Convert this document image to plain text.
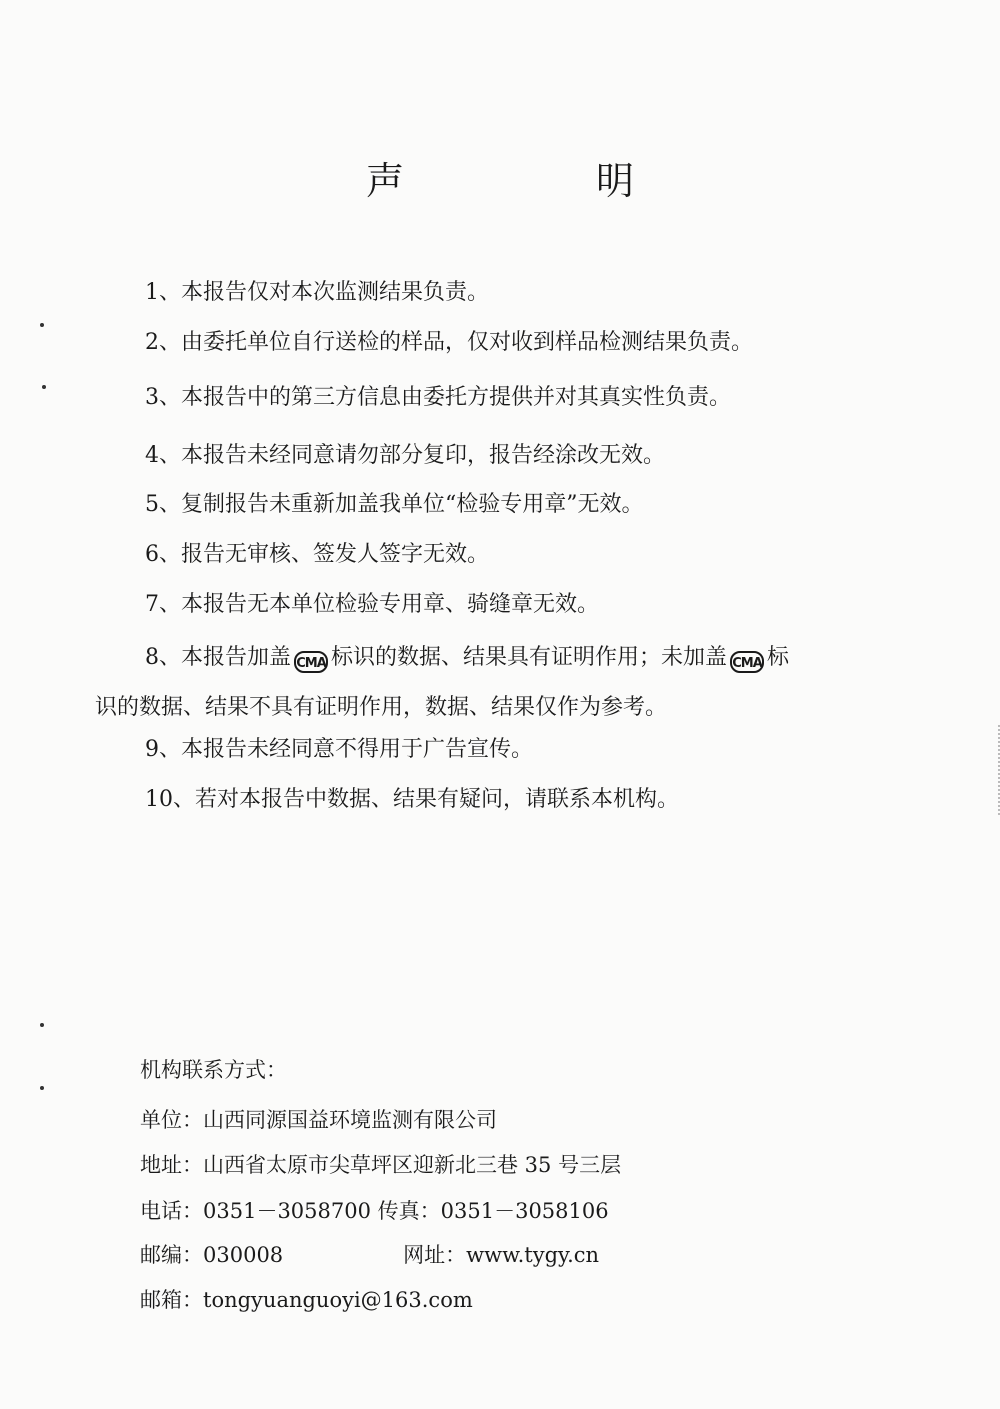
声 明
1、本报告仅对本次监测结果负责。
2、由委托单位自行送检的样品，仅对收到样品检测结果负责。
3、本报告中的第三方信息由委托方提供并对其真实性负责。
4、本报告未经同意请勿部分复印，报告经涂改无效。
5、复制报告未重新加盖我单位“检验专用章”无效。
6、报告无审核、签发人签字无效。
7、本报告无本单位检验专用章、骑缝章无效。
8、本报告加盖 CMA 标识的数据、结果具有证明作用；未加盖 CMA 标
识的数据、结果不具有证明作用，数据、结果仅作为参考。
9、本报告未经同意不得用于广告宣传。
10、若对本报告中数据、结果有疑问，请联系本机构。
机构联系方式：
单位：山西同源国益环境监测有限公司
地址：山西省太原市尖草坪区迎新北三巷 35 号三层
电话：0351－3058700 传真：0351－3058106
邮编：030008	网址：www.tygy.cn
邮箱：tongyuanguoyi@163.com
